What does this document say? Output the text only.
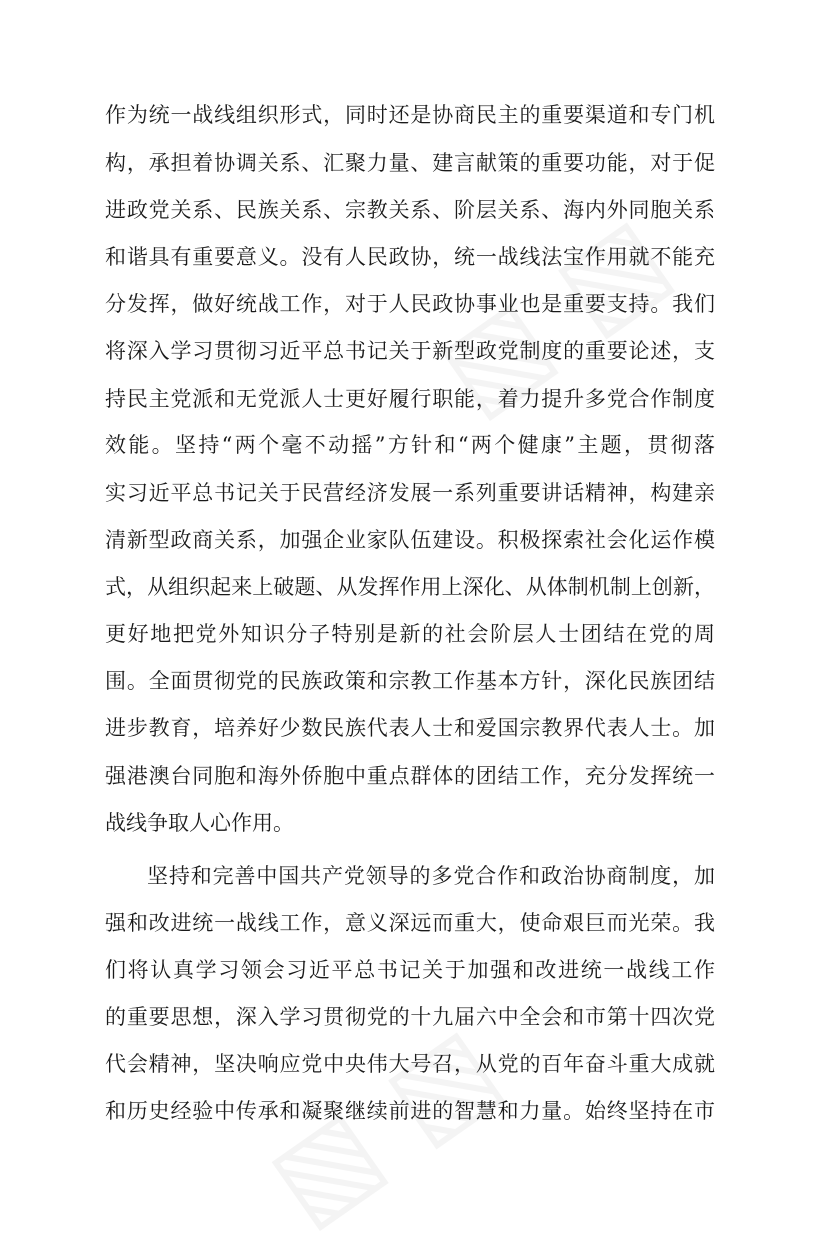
作为统一战线组织形式，同时还是协商民主的重要渠道和专门机
构，承担着协调关系、汇聚力量、建言献策的重要功能，对于促
进政党关系、民族关系、宗教关系、阶层关系、海内外同胞关系
和谐具有重要意义。没有人民政协，统一战线法宝作用就不能充
分发挥，做好统战工作，对于人民政协事业也是重要支持。我们
将深入学习贯彻习近平总书记关于新型政党制度的重要论述，支
持民主党派和无党派人士更好履行职能，着力提升多党合作制度
效能。坚持“两个毫不动摇”方针和“两个健康”主题，贯彻落
实习近平总书记关于民营经济发展一系列重要讲话精神，构建亲
清新型政商关系，加强企业家队伍建设。积极探索社会化运作模
式，从组织起来上破题、从发挥作用上深化、从体制机制上创新，
更好地把党外知识分子特别是新的社会阶层人士团结在党的周
围。全面贯彻党的民族政策和宗教工作基本方针，深化民族团结
进步教育，培养好少数民族代表人士和爱国宗教界代表人士。加
强港澳台同胞和海外侨胞中重点群体的团结工作，充分发挥统一
战线争取人心作用。
坚持和完善中国共产党领导的多党合作和政治协商制度，加
强和改进统一战线工作，意义深远而重大，使命艰巨而光荣。我
们将认真学习领会习近平总书记关于加强和改进统一战线工作
的重要思想，深入学习贯彻党的十九届六中全会和市第十四次党
代会精神，坚决响应党中央伟大号召，从党的百年奋斗重大成就
和历史经验中传承和凝聚继续前进的智慧和力量。始终坚持在市
